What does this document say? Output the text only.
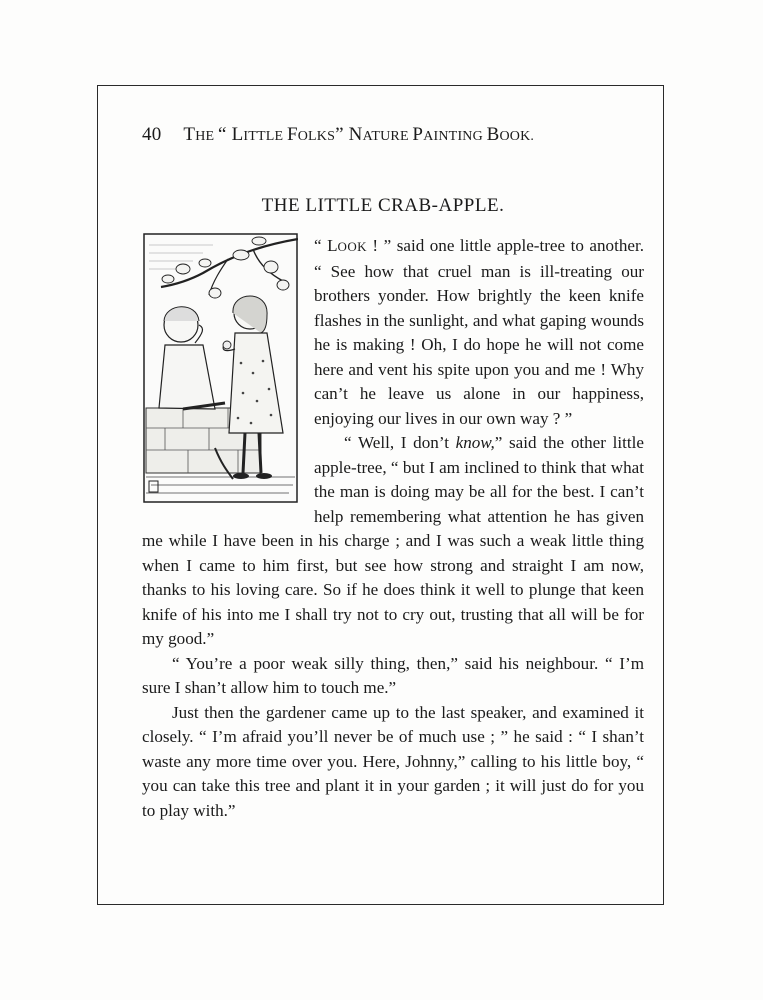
40 THE “ LITTLE FOLKS” NATURE PAINTING BOOK.
THE LITTLE CRAB-APPLE.

“ LOOK ! ” said one little apple-tree to another. “ See how that cruel man is ill-treating our brothers yonder. How brightly the keen knife flashes in the sunlight, and what gaping wounds he is making ! Oh, I do hope he will not come here and vent his spite upon you and me ! Why can’t he leave us alone in our happiness, enjoying our lives in our own way ? ”

“ Well, I don’t know,” said the other little apple-tree, “ but I am inclined to think that what the man is doing may be all for the best. I can’t help remembering what attention he has given me while I have been in his charge ; and I was such a weak little thing when I came to him first, but see how strong and straight I am now, thanks to his loving care. So if he does think it well to plunge that keen knife of his into me I shall try not to cry out, trusting that all will be for my good.”

“ You’re a poor weak silly thing, then,” said his neighbour. “ I’m sure I shan’t allow him to touch me.”

Just then the gardener came up to the last speaker, and examined it closely. “ I’m afraid you’ll never be of much use ; ” he said : “ I shan’t waste any more time over you. Here, Johnny,” calling to his little boy, “ you can take this tree and plant it in your garden ; it will just do for you to play with.”
